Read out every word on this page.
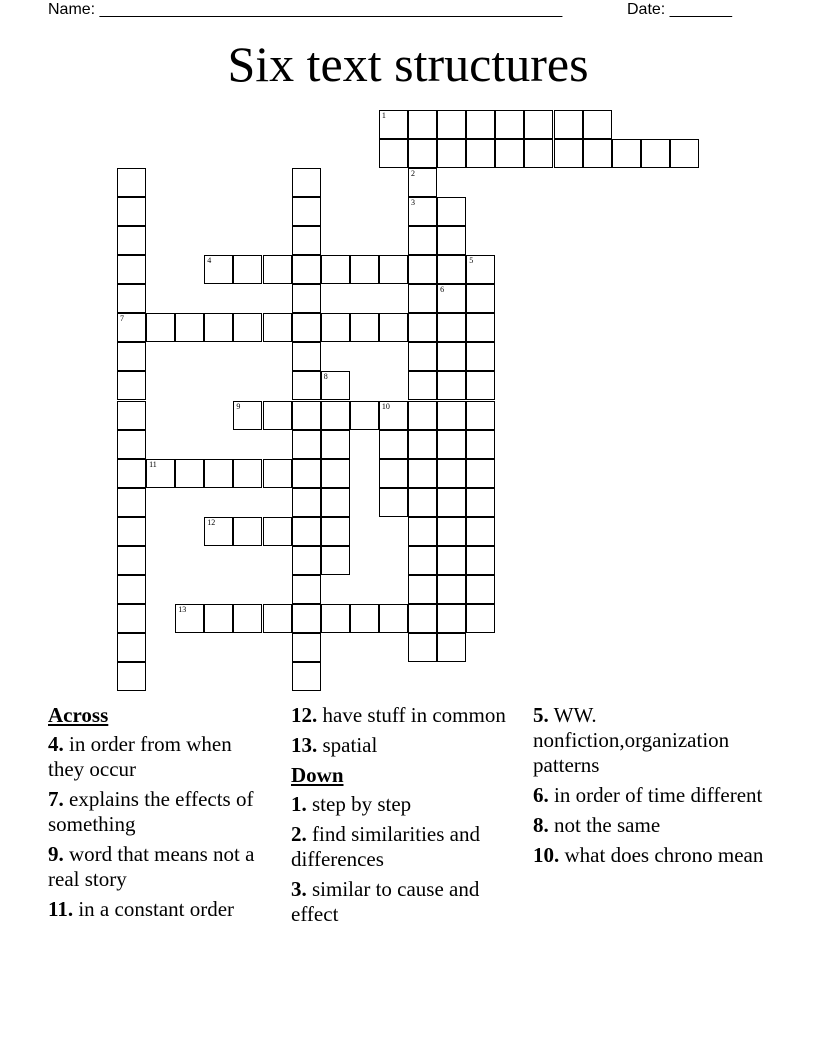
Name: ____________________________________________________	Date: _______
Six text structures
1
2
3
6
4	5
7
8
9	10
11
12
13
Across
4. in order from when they occur
7. explains the effects of something
9. word that means not a real story
11. in a constant order
12. have stuff in common
13. spatial
Down
1. step by step
2. find similarities and differences
3. similar to cause and effect
5. WW. nonfiction,organization patterns
6. in order of time different
8. not the same
10. what does chrono mean
